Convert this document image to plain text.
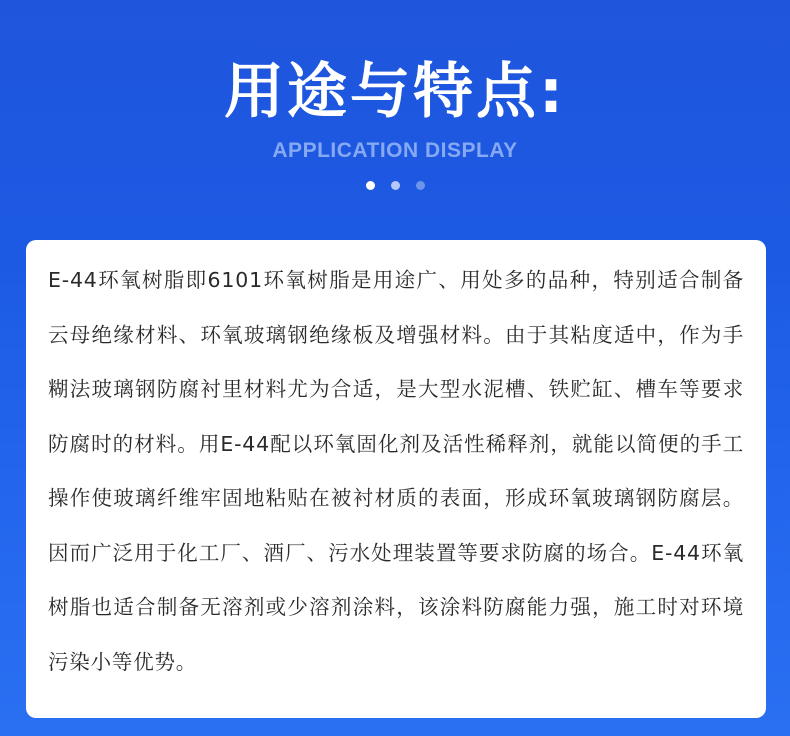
用途与特点:
APPLICATION DISPLAY

E-44环氧树脂即6101环氧树脂是用途广、用处多的品种，特别适合制备云母绝缘材料、环氧玻璃钢绝缘板及增强材料。由于其粘度适中，作为手糊法玻璃钢防腐衬里材料尤为合适，是大型水泥槽、铁贮缸、槽车等要求防腐时的材料。用E-44配以环氧固化剂及活性稀释剂，就能以简便的手工操作使玻璃纤维牢固地粘贴在被衬材质的表面，形成环氧玻璃钢防腐层。因而广泛用于化工厂、酒厂、污水处理装置等要求防腐的场合。E-44环氧树脂也适合制备无溶剂或少溶剂涂料，该涂料防腐能力强，施工时对环境污染小等优势。
